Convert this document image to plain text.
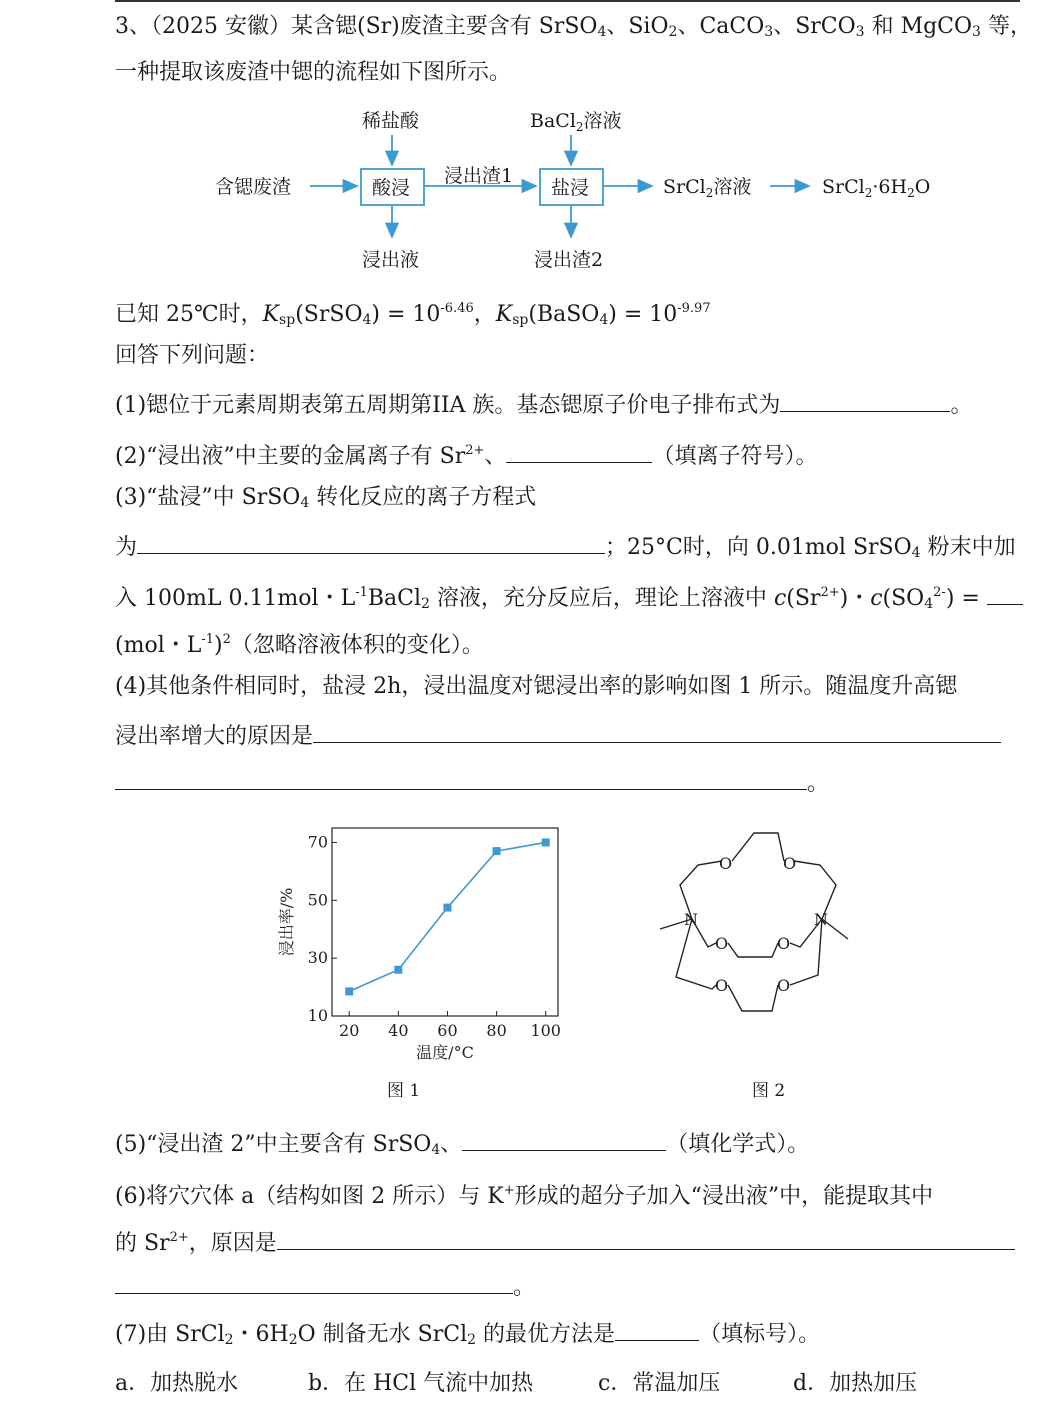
3、（2025 安徽）某含锶(Sr)废渣主要含有 SrSO$_4$、SiO$_2$、CaCO$_3$、SrCO$_3$ 和 MgCO$_3$ 等，
一种提取该废渣中锶的流程如下图所示。
含锶废渣	酸浸
稀盐酸
浸出液
浸出渣1
盐浸
BaCl$_2$溶液
浸出渣2
SrCl$_2$溶液	$SrCl_2\cdot 6H_2O$
已知 25℃时，$K_{sp}(SrSO_4) = 10^{-6.46}$，$K_{sp}(BaSO_4) = 10^{-9.97}$
回答下列问题：
(1)锶位于元素周期表第五周期第IIA 族。基态锶原子价电子排布式为	。
(2)“浸出液”中主要的金属离子有 $Sr^{2+}$、	（填离子符号）。
(3)“盐浸”中 SrSO$_4$ 转化反应的离子方程式
为	；25°C时，向 0.01mol SrSO$_4$ 粉末中加
入 100mL 0.11mol・$L^{-1}BaCl_2$ 溶液，充分反应后，理论上溶液中 $c(Sr^{2+})$・$c(SO_4^{2-})$ =
(mol・$L^{-1})^2$（忽略溶液体积的变化）。
(4)其他条件相同时，盐浸 2h，浸出温度对锶浸出率的影响如图 1 所示。随温度升高锶
浸出率增大的原因是
。
20 40 60 80 100
10
30
50
70
温度/°C
浸出率/%
图 1
O	O
N	N
O	O
O	O
图 2
(5)“浸出渣 2”中主要含有 SrSO$_4$、	（填化学式）。
(6)将穴穴体 a（结构如图 2 所示）与 K+形成的超分子加入“浸出液”中，能提取其中
的 $Sr^{2+}$，原因是
。
(7)由 SrCl$_2$・$6H_2O$ 制备无水 SrCl$_2$ 的最优方法是	（填标号）。
a．加热脱水	b．在 HCl 气流中加热	c．常温加压	d．加热加压
